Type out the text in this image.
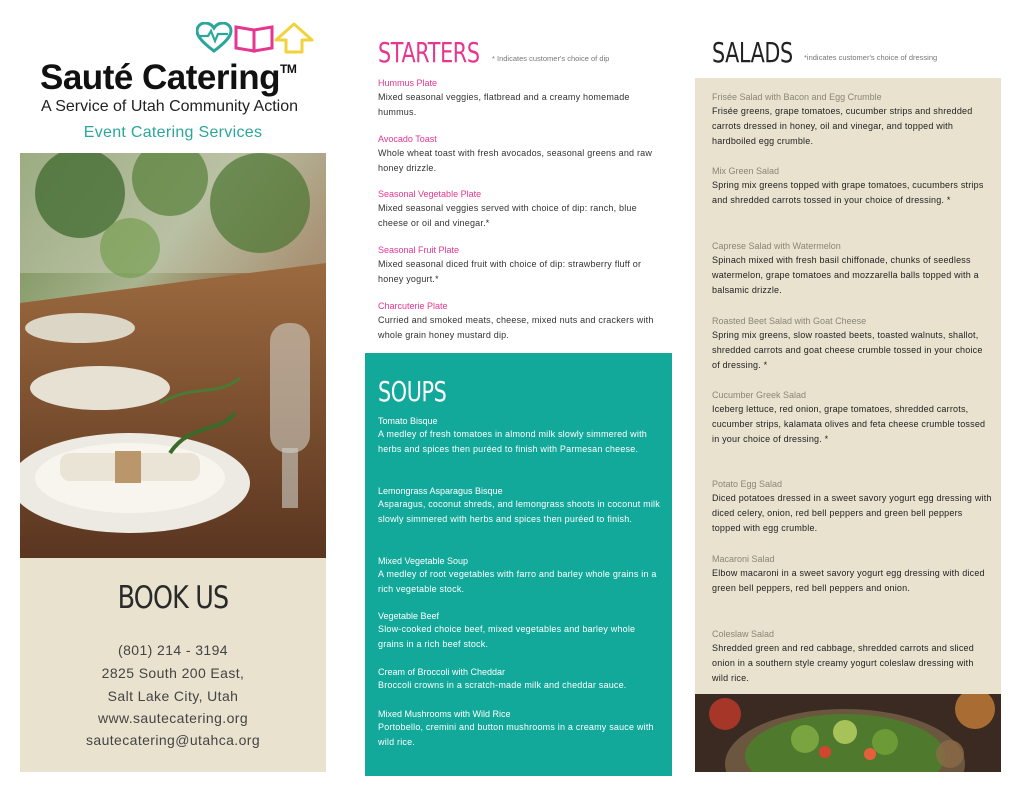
Sauté Catering™
A Service of Utah Community Action
Event Catering Services
BOOK US
(801) 214 - 3194
2825 South 200 East,
Salt Lake City, Utah
www.sautecatering.org
sautecatering@utahca.org
STARTERS * Indicates customer's choice of dip
Hummus Plate
Mixed seasonal veggies, flatbread and a creamy homemade hummus.
Avocado Toast
Whole wheat toast with fresh avocados, seasonal greens and raw honey drizzle.
Seasonal Vegetable Plate
Mixed seasonal veggies served with choice of dip: ranch, blue cheese or oil and vinegar.*
Seasonal Fruit Plate
Mixed seasonal diced fruit with choice of dip: strawberry fluff or honey yogurt.*
Charcuterie Plate
Curried and smoked meats, cheese, mixed nuts and crackers with whole grain honey mustard dip.
SOUPS
Tomato Bisque
A medley of fresh tomatoes in almond milk slowly simmered with herbs and spices then puréed to finish with Parmesan cheese.
Lemongrass Asparagus Bisque
Asparagus, coconut shreds, and lemongrass shoots in coconut milk slowly simmered with herbs and spices then puréed to finish.
Mixed Vegetable Soup
A medley of root vegetables with farro and barley whole grains in a rich vegetable stock.
Vegetable Beef
Slow-cooked choice beef, mixed vegetables and barley whole grains in a rich beef stock.
Cream of Broccoli with Cheddar
Broccoli crowns in a scratch-made milk and cheddar sauce.
Mixed Mushrooms with Wild Rice
Portobello, cremini and button mushrooms in a creamy sauce with wild rice.
SALADS *indicates customer's choice of dressing
Frisée Salad with Bacon and Egg Crumble
Frisée greens, grape tomatoes, cucumber strips and shredded carrots dressed in honey, oil and vinegar, and topped with hardboiled egg crumble.
Mix Green Salad
Spring mix greens topped with grape tomatoes, cucumbers strips and shredded carrots tossed in your choice of dressing. *
Caprese Salad with Watermelon
Spinach mixed with fresh basil chiffonade, chunks of seedless watermelon, grape tomatoes and mozzarella balls topped with a balsamic drizzle.
Roasted Beet Salad with Goat Cheese
Spring mix greens, slow roasted beets, toasted walnuts, shallot, shredded carrots and goat cheese crumble tossed in your choice of dressing. *
Cucumber Greek Salad
Iceberg lettuce, red onion, grape tomatoes, shredded carrots, cucumber strips, kalamata olives and feta cheese crumble tossed in your choice of dressing. *
Potato Egg Salad
Diced potatoes dressed in a sweet savory yogurt egg dressing with diced celery, onion, red bell peppers and green bell peppers topped with egg crumble.
Macaroni Salad
Elbow macaroni in a sweet savory yogurt egg dressing with diced green bell peppers, red bell peppers and onion.
Coleslaw Salad
Shredded green and red cabbage, shredded carrots and sliced onion in a southern style creamy yogurt coleslaw dressing with wild rice.
